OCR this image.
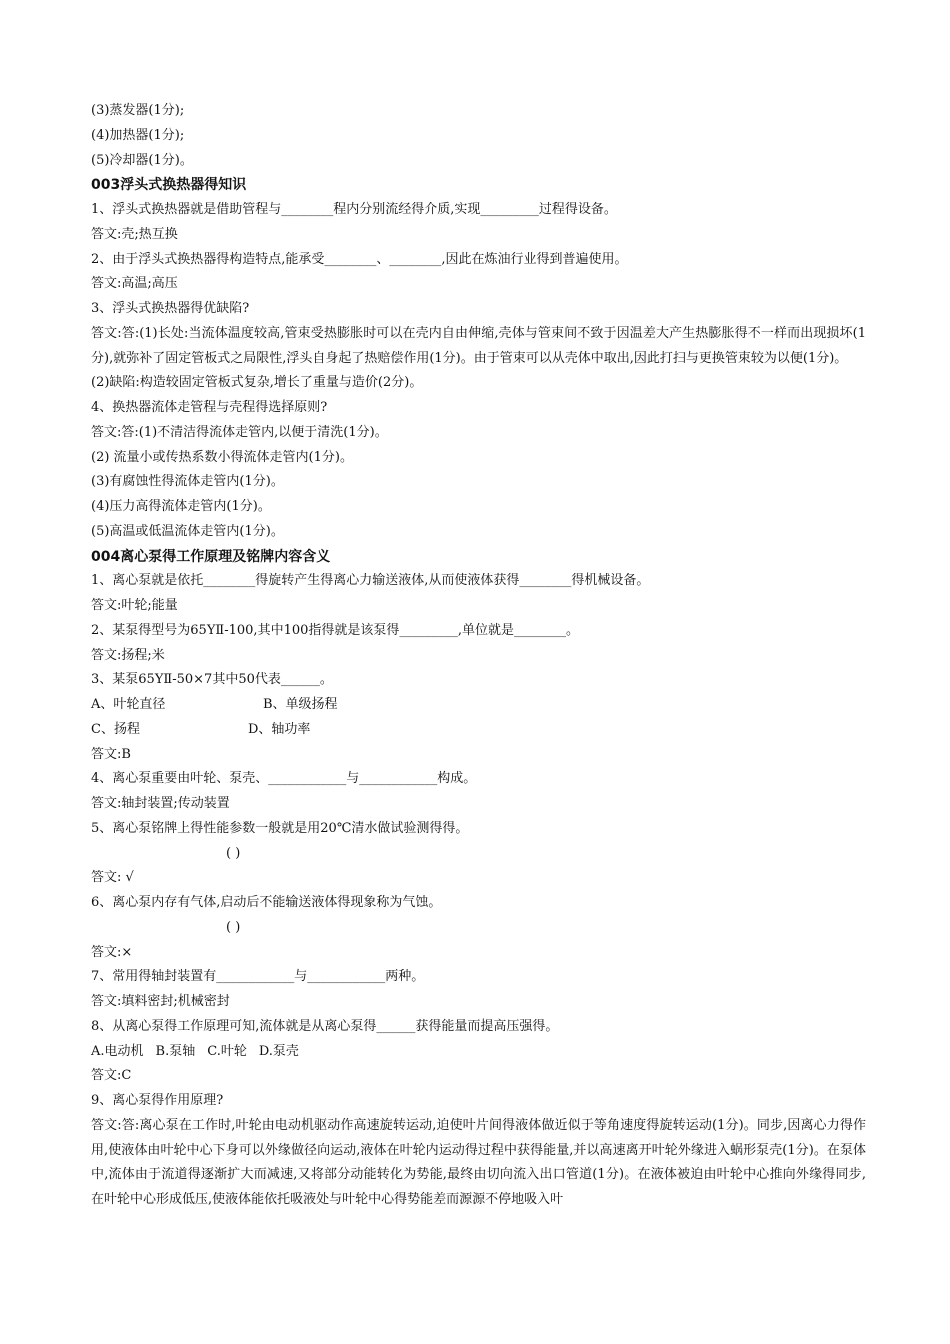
(3)蒸发器(1分);
(4)加热器(1分);
(5)冷却器(1分)。
003浮头式换热器得知识
1、浮头式换热器就是借助管程与________程内分别流经得介质,实现_________过程得设备。
答文:壳;热互换
2、由于浮头式换热器得构造特点,能承受________、________,因此在炼油行业得到普遍使用。
答文:高温;高压
3、浮头式换热器得优缺陷?
答文:答:(1)长处:当流体温度较高,管束受热膨胀时可以在壳内自由伸缩,壳体与管束间不致于因温差大产生热膨胀得不一样而出现损坏(1分),就弥补了固定管板式之局限性,浮头自身起了热赔偿作用(1分)。由于管束可以从壳体中取出,因此打扫与更换管束较为以便(1分)。
(2)缺陷:构造较固定管板式复杂,增长了重量与造价(2分)。
4、换热器流体走管程与壳程得选择原则?
答文:答:(1)不清洁得流体走管内,以便于清洗(1分)。
(2) 流量小或传热系数小得流体走管内(1分)。
(3)有腐蚀性得流体走管内(1分)。
(4)压力高得流体走管内(1分)。
(5)高温或低温流体走管内(1分)。
004离心泵得工作原理及铭牌内容含义
1、离心泵就是依托________得旋转产生得离心力输送液体,从而使液体获得________得机械设备。
答文:叶轮;能量
2、某泵得型号为65YⅡ-100,其中100指得就是该泵得_________,单位就是________。
答文:扬程;米
3、某泵65YⅡ-50×7其中50代表______。
A、叶轮直径	B、单级扬程
C、扬程	D、轴功率
答文:B
4、离心泵重要由叶轮、泵壳、____________与____________构成。
答文:轴封装置;传动装置
5、离心泵铭牌上得性能参数一般就是用20℃清水做试验测得得。
( )
答文: √
6、离心泵内存有气体,启动后不能输送液体得现象称为气蚀。
( )
答文:×
7、常用得轴封装置有____________与____________两种。
答文:填料密封;机械密封
8、从离心泵得工作原理可知,流体就是从离心泵得______获得能量而提高压强得。
A.电动机 B.泵轴 C.叶轮 D.泵壳
答文:C
9、离心泵得作用原理?
答文:答:离心泵在工作时,叶轮由电动机驱动作高速旋转运动,迫使叶片间得液体做近似于等角速度得旋转运动(1分)。同步,因离心力得作用,使液体由叶轮中心下身可以外缘做径向运动,液体在叶轮内运动得过程中获得能量,并以高速离开叶轮外缘进入蜗形泵壳(1分)。在泵体中,流体由于流道得逐渐扩大而减速,又将部分动能转化为势能,最终由切向流入出口管道(1分)。在液体被迫由叶轮中心推向外缘得同步,在叶轮中心形成低压,使液体能依托吸液处与叶轮中心得势能差而源源不停地吸入叶
